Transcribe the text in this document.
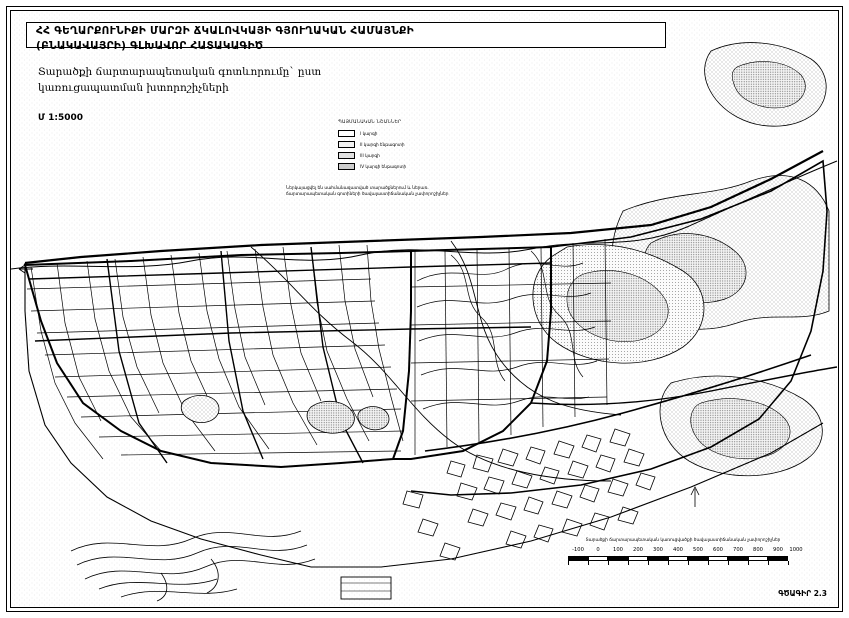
ՀՀ ԳԵՂԱՐՔՈՒՆԻՔԻ ՄԱՐԶԻ ՃԿԱԼՈՎԿԱՅԻ ԳՅՈՒՂԱԿԱՆ ՀԱՄԱՅՆՔԻ
(ԲՆԱԿԱՎԱՅՐԻ) ԳԼԽԱՎՈՐ ՀԱՏԱԿԱԳԻԾ
Տարածքի ճարտարապետական գոտևորումը` ըստ
կառուցապատման խտորոշիչների
Մ 1:5000	ՊԱՅՄԱՆԱԿԱՆ ՆՇԱՆՆԵՐ
I կարգի
II կարգի ենթագոտի
III կարգի
IV կարգի ենթագոտի
Ներկայացվել են սահմանազատված տարածքներում և ներառ.
ճարտարապետական գոտիների ծավալաստիճանական չափորոշիչներ
Տարածքի ճարտարապետական կառուցվածքի ծավալաստիճանական չափորոշիչներ
-100 0	100 200 300 400 500 600 700 800 900 1000
ԳԾԱԳԻՐ 2.3
